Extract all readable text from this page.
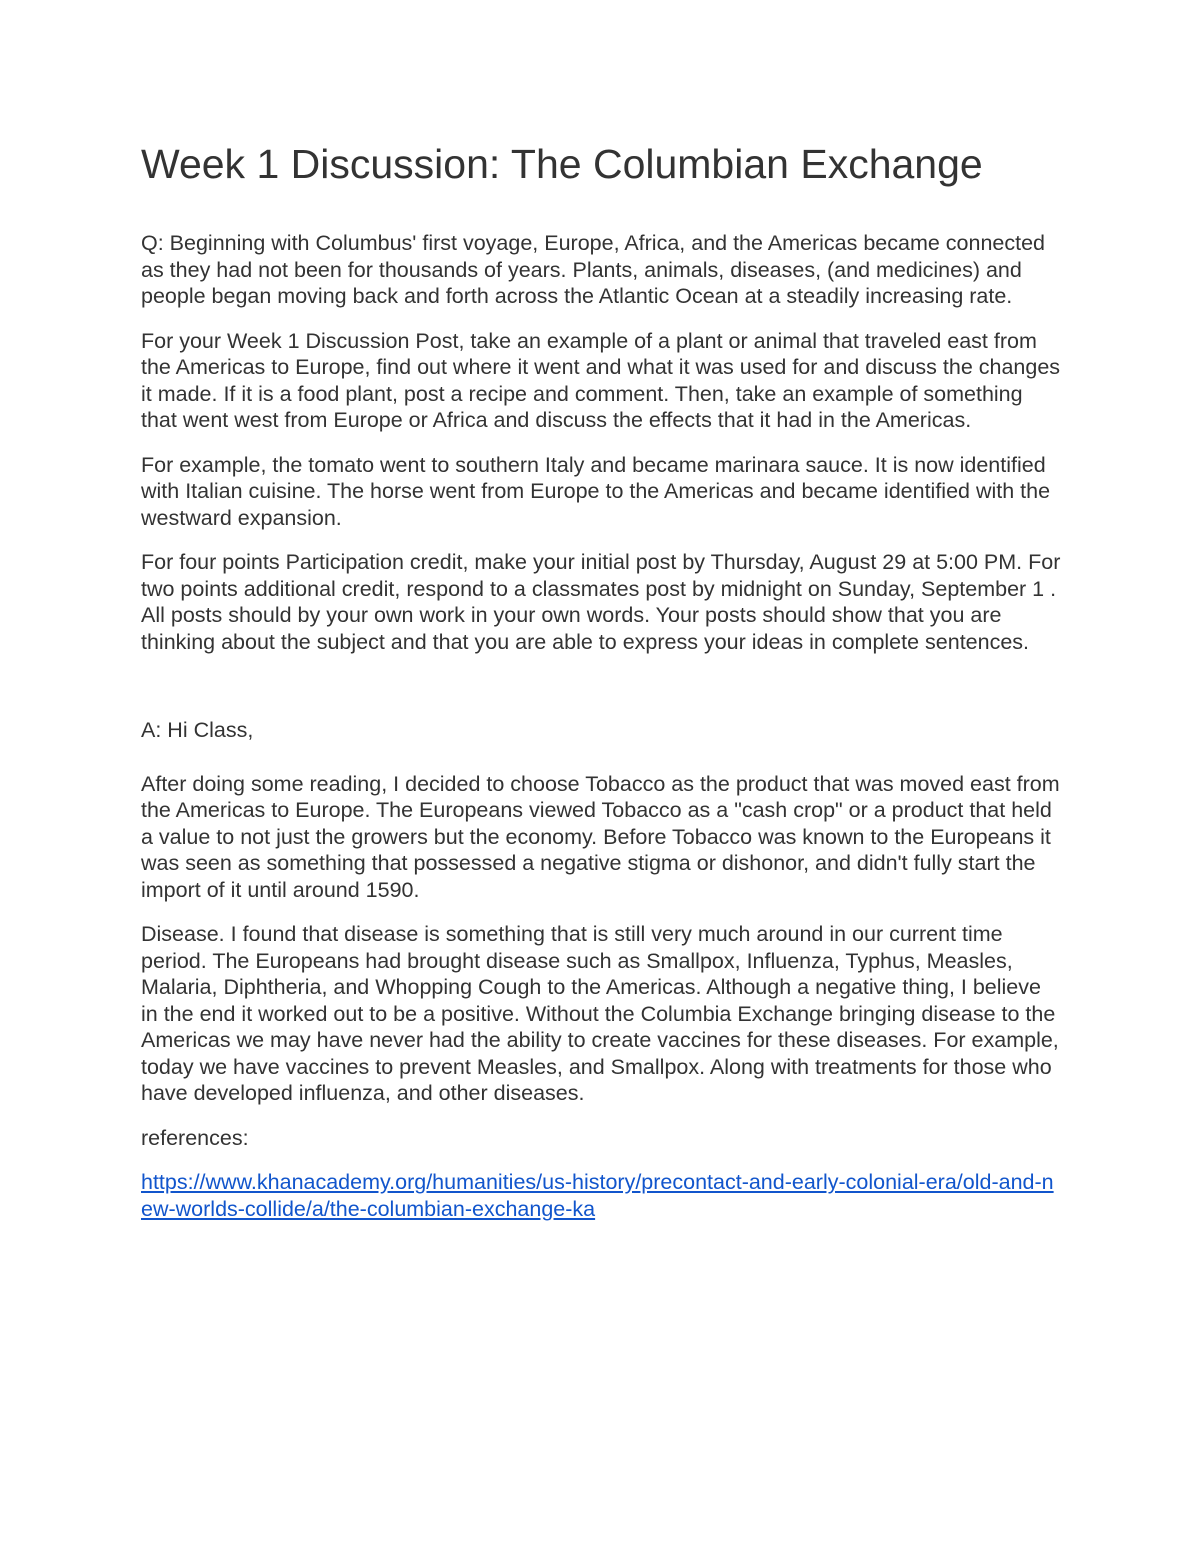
Week 1 Discussion: The Columbian Exchange

Q: Beginning with Columbus' first voyage, Europe, Africa, and the Americas became connected as they had not been for thousands of years. Plants, animals, diseases, (and medicines) and people began moving back and forth across the Atlantic Ocean at a steadily increasing rate.

For your Week 1 Discussion Post, take an example of a plant or animal that traveled east from the Americas to Europe, find out where it went and what it was used for and discuss the changes it made. If it is a food plant, post a recipe and comment. Then, take an example of something that went west from Europe or Africa and discuss the effects that it had in the Americas.

For example, the tomato went to southern Italy and became marinara sauce. It is now identified with Italian cuisine. The horse went from Europe to the Americas and became identified with the westward expansion.

For four points Participation credit, make your initial post by Thursday, August 29 at 5:00 PM. For two points additional credit, respond to a classmates post by midnight on Sunday, September 1 . All posts should by your own work in your own words. Your posts should show that you are thinking about the subject and that you are able to express your ideas in complete sentences.

A: Hi Class,

After doing some reading, I decided to choose Tobacco as the product that was moved east from the Americas to Europe. The Europeans viewed Tobacco as a "cash crop" or a product that held a value to not just the growers but the economy. Before Tobacco was known to the Europeans it was seen as something that possessed a negative stigma or dishonor, and didn't fully start the import of it until around 1590.

Disease. I found that disease is something that is still very much around in our current time period. The Europeans had brought disease such as Smallpox, Influenza, Typhus, Measles, Malaria, Diphtheria, and Whopping Cough to the Americas. Although a negative thing, I believe in the end it worked out to be a positive. Without the Columbia Exchange bringing disease to the Americas we may have never had the ability to create vaccines for these diseases. For example, today we have vaccines to prevent Measles, and Smallpox. Along with treatments for those who have developed influenza, and other diseases.

references:

https://www.khanacademy.org/humanities/us-history/precontact-and-early-colonial-era/old-and-new-worlds-collide/a/the-columbian-exchange-ka
